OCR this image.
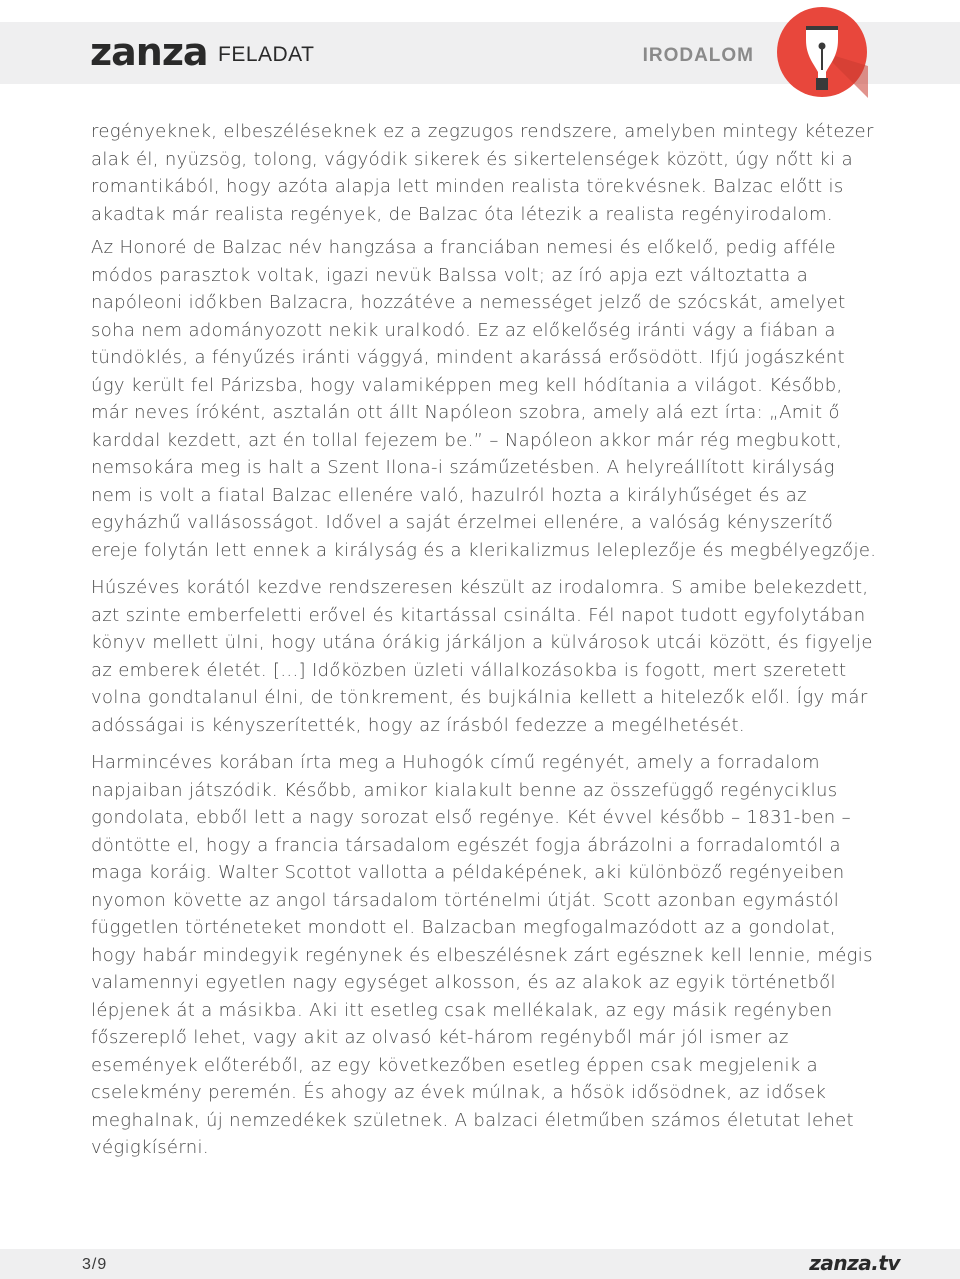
zanza FELADAT	IRODALOM

regényeknek, elbeszéléseknek ez a zegzugos rendszere, amelyben mintegy kétezer alak él, nyüzsög, tolong, vágyódik sikerek és sikertelenségek között, úgy nőtt ki a romantikából, hogy azóta alapja lett minden realista törekvésnek. Balzac előtt is akadtak már realista regények, de Balzac óta létezik a realista regényirodalom.

Az Honoré de Balzac név hangzása a franciában nemesi és előkelő, pedig afféle módos parasztok voltak, igazi nevük Balssa volt; az író apja ezt változtatta a napóleoni időkben Balzacra, hozzátéve a nemességet jelző de szócskát, amelyet soha nem adományozott nekik uralkodó. Ez az előkelőség iránti vágy a fiában a tündöklés, a fényűzés iránti vággyá, mindent akarássá erősödött. Ifjú jogászként úgy került fel Párizsba, hogy valamiképpen meg kell hódítania a világot. Később, már neves íróként, asztalán ott állt Napóleon szobra, amely alá ezt írta: „Amit ő karddal kezdett, azt én tollal fejezem be.” – Napóleon akkor már rég megbukott, nemsokára meg is halt a Szent Ilona-i száműzetésben. A helyreállított királyság nem is volt a fiatal Balzac ellenére való, hazulról hozta a királyhűséget és az egyházhű vallásosságot. Idővel a saját érzelmei ellenére, a valóság kényszerítő ereje folytán lett ennek a királyság és a klerikalizmus leleplezője és megbélyegzője.

Húszéves korától kezdve rendszeresen készült az irodalomra. S amibe belekezdett, azt szinte emberfeletti erővel és kitartással csinálta. Fél napot tudott egyfolytában könyv mellett ülni, hogy utána órákig járkáljon a külvárosok utcái között, és figyelje az emberek életét. [...] Időközben üzleti vállalkozásokba is fogott, mert szeretett volna gondtalanul élni, de tönkrement, és bujkálnia kellett a hitelezők elől. Így már adósságai is kényszerítették, hogy az írásból fedezze a megélhetését.

Harmincéves korában írta meg a Huhogók című regényét, amely a forradalom napjaiban játszódik. Később, amikor kialakult benne az összefüggő regényciklus gondolata, ebből lett a nagy sorozat első regénye. Két évvel később – 1831-ben – döntötte el, hogy a francia társadalom egészét fogja ábrázolni a forradalomtól a maga koráig. Walter Scottot vallotta a példaképének, aki különböző regényeiben nyomon követte az angol társadalom történelmi útját. Scott azonban egymástól független történeteket mondott el. Balzacban megfogalmazódott az a gondolat, hogy habár mindegyik regénynek és elbeszélésnek zárt egésznek kell lennie, mégis valamennyi egyetlen nagy egységet alkosson, és az alakok az egyik történetből lépjenek át a másikba. Aki itt esetleg csak mellékalak, az egy másik regényben főszereplő lehet, vagy akit az olvasó két-három regényből már jól ismer az események előteréből, az egy következőben esetleg éppen csak megjelenik a cselekmény peremén. És ahogy az évek múlnak, a hősök idősödnek, az idősek meghalnak, új nemzedékek születnek. A balzaci életműben számos életutat lehet végigkísérni.

3/9	zanza.tv
